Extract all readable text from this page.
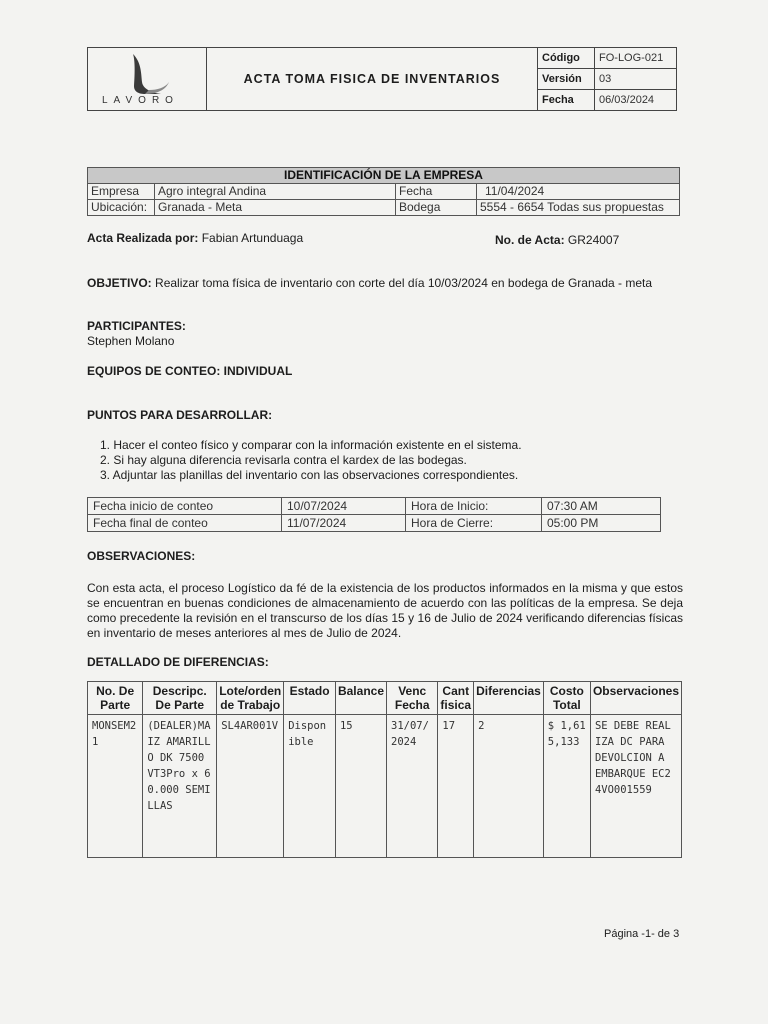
LAVORO
ACTA TOMA FISICA DE INVENTARIOS
Código	FO-LOG-021
Versión	03
Fecha	06/03/2024
IDENTIFICACIÓN DE LA EMPRESA			
Empresa	Agro integral Andina	Fecha	11/04/2024
Ubicación:	Granada - Meta	Bodega	5554 - 6654 Todas sus propuestas
Acta Realizada por: Fabian Artunduaga	No. de Acta: GR24007
OBJETIVO: Realizar toma física de inventario con corte del día 10/03/2024 en bodega de Granada - meta
PARTICIPANTES:
Stephen Molano
EQUIPOS DE CONTEO: INDIVIDUAL
PUNTOS PARA DESARROLLAR:
1. Hacer el conteo físico y comparar con la información existente en el sistema.
2. Si hay alguna diferencia revisarla contra el kardex de las bodegas.
3. Adjuntar las planillas del inventario con las observaciones correspondientes.
Fecha inicio de conteo	10/07/2024	Hora de Inicio:	07:30 AM
Fecha final de conteo	11/07/2024	Hora de Cierre:	05:00 PM
OBSERVACIONES:
Con esta acta, el proceso Logístico da fé de la existencia de los productos informados en la misma y que estos se encuentran en buenas condiciones de almacenamiento de acuerdo con las políticas de la empresa. Se deja como precedente la revisión en el transcurso de los días 15 y 16 de Julio de 2024 verificando diferencias físicas en inventario de meses anteriores al mes de Julio de 2024.
DETALLADO DE DIFERENCIAS:
No. De Parte	Descripc. De Parte	Lote/orden de Trabajo	Estado	Balance	Venc Fecha	Cant fisica	Diferencias	Costo Total	Observaciones
MONSEM21	(DEALER)MAIZ AMARILLO DK 7500 VT3Pro x 60.000 SEMILLAS	SL4AR001V	Disponible	15	31/07/2024	17	2	$ 1,615,133	SE DEBE REALIZA DC PARA DEVOLCION A EMBARQUE EC24VO001559
Página -1- de 3
